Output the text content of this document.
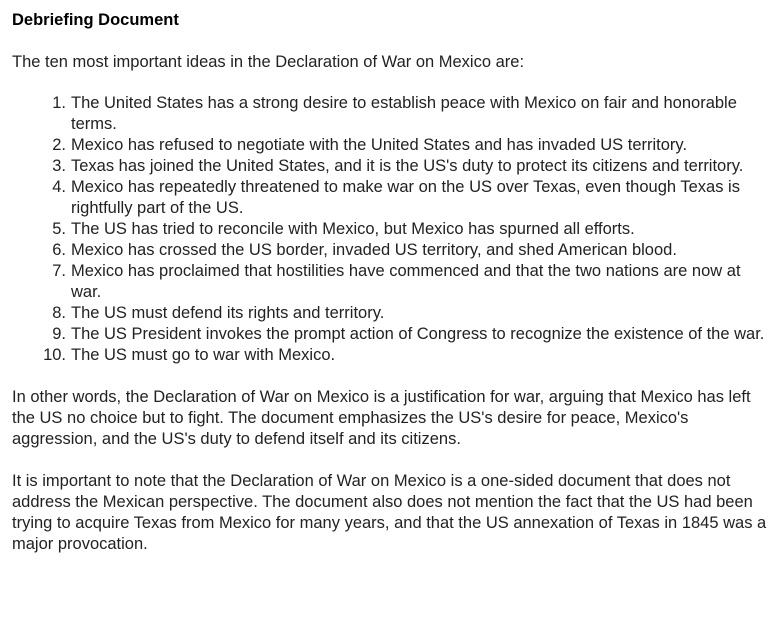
Debriefing Document

The ten most important ideas in the Declaration of War on Mexico are:

1. The United States has a strong desire to establish peace with Mexico on fair and honorable terms.
2. Mexico has refused to negotiate with the United States and has invaded US territory.
3. Texas has joined the United States, and it is the US's duty to protect its citizens and territory.
4. Mexico has repeatedly threatened to make war on the US over Texas, even though Texas is rightfully part of the US.
5. The US has tried to reconcile with Mexico, but Mexico has spurned all efforts.
6. Mexico has crossed the US border, invaded US territory, and shed American blood.
7. Mexico has proclaimed that hostilities have commenced and that the two nations are now at war.
8. The US must defend its rights and territory.
9. The US President invokes the prompt action of Congress to recognize the existence of the war.
10. The US must go to war with Mexico.

In other words, the Declaration of War on Mexico is a justification for war, arguing that Mexico has left the US no choice but to fight. The document emphasizes the US's desire for peace, Mexico's aggression, and the US's duty to defend itself and its citizens.

It is important to note that the Declaration of War on Mexico is a one-sided document that does not address the Mexican perspective. The document also does not mention the fact that the US had been trying to acquire Texas from Mexico for many years, and that the US annexation of Texas in 1845 was a major provocation.
